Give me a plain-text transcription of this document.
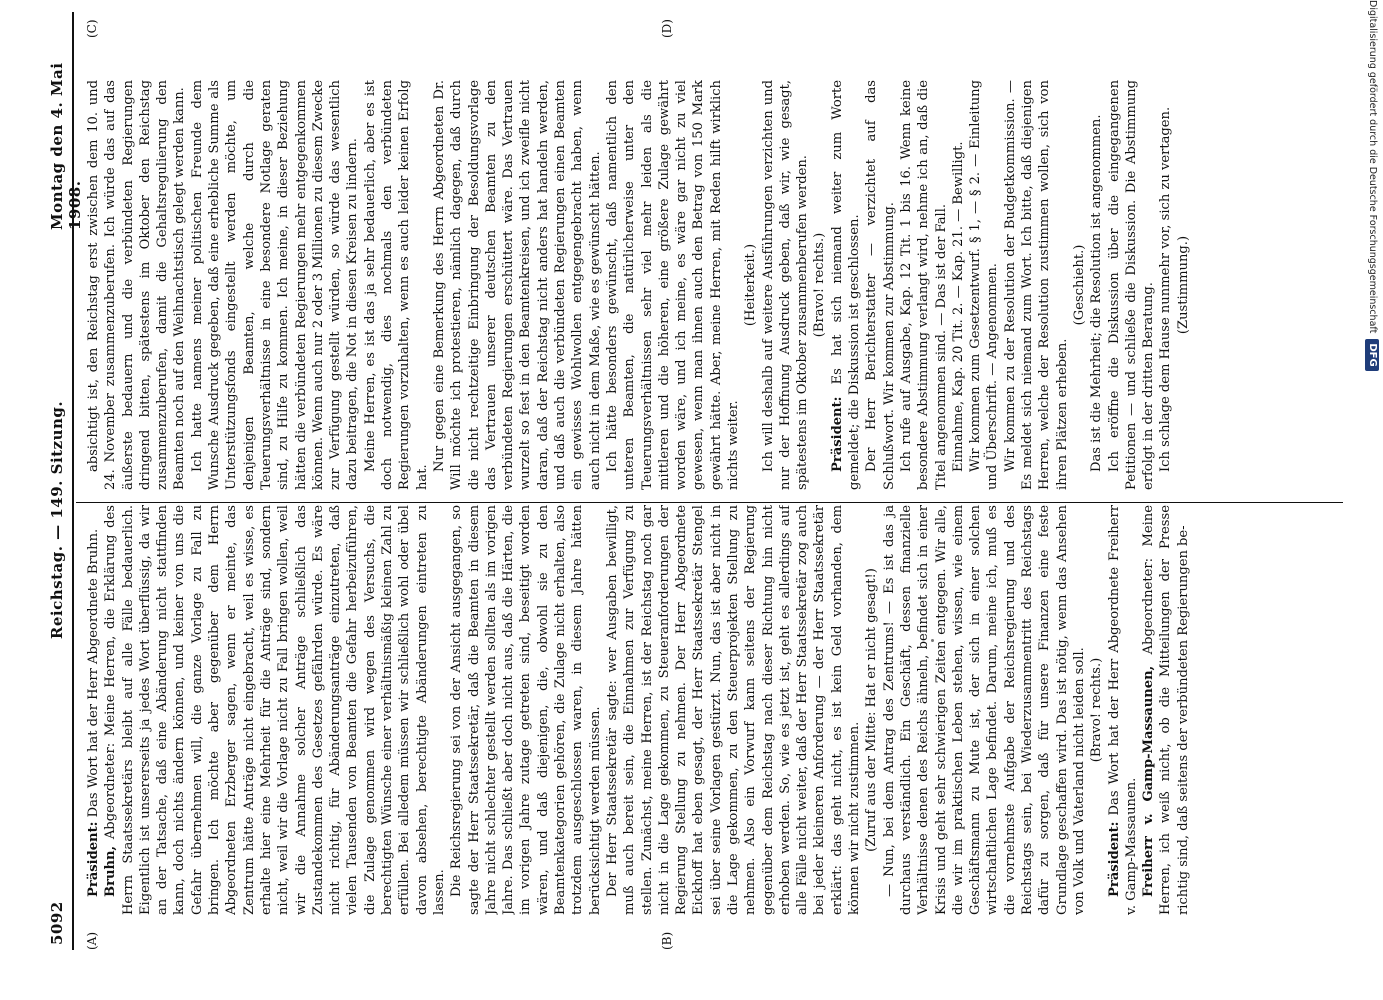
5092
Reichstag. — 149. Sitzung.
Montag den 4. Mai 1908.
(A)	(B)
(C)	(D)

Präsident: Das Wort hat der Herr Abgeordnete Bruhn.

Bruhn, Abgeordneter: Meine Herren, die Erklärung des Herrn Staatssekretärs bleibt auf alle Fälle bedauerlich. Eigentlich ist unsererseits ja jedes Wort überflüssig, da wir an der Tatsache, daß eine Abänderung nicht stattfinden kann, doch nichts ändern können, und keiner von uns die Gefahr übernehmen will, die ganze Vorlage zu Fall zu bringen. Ich möchte aber gegenüber dem Herrn Abgeordneten Erzberger sagen, wenn er meinte, das Zentrum hätte Anträge nicht eingebracht, weil es wisse, es erhalte hier eine Mehrheit für die Anträge sind, sondern nicht, weil wir die Vorlage nicht zu Fall bringen wollen, weil wir die Annahme solcher Anträge schließlich das Zustandekommen des Gesetzes gefährden würde. Es wäre nicht richtig, für Abänderungsanträge einzutreten, daß vielen Tausenden von Beamten die Gefahr herbeizuführen, die Zulage genommen wird wegen des Versuchs, die berechtigten Wünsche einer verhältnismäßig kleinen Zahl zu erfüllen. Bei alledem müssen wir schließlich wohl oder übel davon absehen, berechtigte Abänderungen eintreten zu lassen. Die Reichsregierung sei von der Ansicht ausgegangen, so sagte der Herr Staatssekretär, daß die Beamten in diesem Jahre nicht schlechter gestellt werden sollten als im vorigen Jahre. Das schließt aber doch nicht aus, daß die Härten, die im vorigen Jahre zutage getreten sind, beseitigt worden wären, und daß diejenigen, die, obwohl sie zu den Beamtenkategorien gehören, die Zulage nicht erhalten, also trotzdem ausgeschlossen waren, in diesem Jahre hätten berücksichtigt werden müssen. Der Herr Staatssekretär sagte: wer Ausgaben bewilligt, muß auch bereit sein, die Einnahmen zur Verfügung zu stellen. Zunächst, meine Herren, ist der Reichstag noch gar nicht in die Lage gekommen, zu Steueranforderungen der Regierung Stellung zu nehmen. Der Herr Abgeordnete Eickhoff hat eben gesagt, der Herr Staatssekretär Stengel sei über seine Vorlagen gestürzt. Nun, das ist aber nicht in die Lage gekommen, zu den Steuerprojekten Stellung zu nehmen. Also ein Vorwurf kann seitens der Regierung gegenüber dem Reichstag nach dieser Richtung hin nicht erhoben werden. So, wie es jetzt ist, geht es allerdings auf alle Fälle nicht weiter, daß der Herr Staatssekretär zog auch bei jeder kleineren Anforderung — der Herr Staatssekretär erklärt: das geht nicht, es ist kein Geld vorhanden, dem können wir nicht zustimmen. (Zuruf aus der Mitte: Hat er nicht gesagt!) — Nun, bei dem Antrag des Zentrums! — Es ist das ja durchaus verständlich. Ein Geschäft, dessen finanzielle Verhältnisse denen des Reichs ähneln, befindet sich in einer Krisis und geht sehr schwierigen Zeiten entgegen. Wir alle, die wir im praktischen Leben stehen, wissen, wie einem Geschäftsmann zu Mute ist, der sich in einer solchen wirtschaftlichen Lage befindet. Darum, meine ich, muß es die vornehmste Aufgabe der Reichsregierung und des Reichstags sein, bei Wiederzusammentritt des Reichstags dafür zu sorgen, daß für unsere Finanzen eine feste Grundlage geschaffen wird. Das ist nötig, wenn das Ansehen von Volk und Vaterland nicht leiden soll. (Bravo! rechts.)

Präsident: Das Wort hat der Herr Abgeordnete Freiherr v. Gamp-Massaunen. Freiherr v. Gamp-Massaunen, Abgeordneter: Meine Herren, ich weiß nicht, ob die Mitteilungen der Presse richtig sind, daß seitens der verbündeten Regierungen be-

absichtigt ist, den Reichstag erst zwischen dem 10. und 24. November zusammenzuberufen. Ich würde das auf das äußerste bedauern und die verbündeten Regierungen dringend bitten, spätestens im Oktober den Reichstag zusammenzuberufen, damit die Gehaltsregulierung den Beamten noch auf den Weihnachtstisch gelegt werden kann. Ich hatte namens meiner politischen Freunde dem Wunsche Ausdruck gegeben, daß eine erhebliche Summe als Unterstützungsfonds eingestellt werden möchte, um denjenigen Beamten, welche durch die Teuerungsverhältnisse in eine besondere Notlage geraten sind, zu Hilfe zu kommen. Ich meine, in dieser Beziehung hätten die verbündeten Regierungen mehr entgegenkommen können. Wenn auch nur 2 oder 3 Millionen zu diesem Zwecke zur Verfügung gestellt würden, so würde das wesentlich dazu beitragen, die Not in diesen Kreisen zu lindern. Meine Herren, es ist das ja sehr bedauerlich, aber es ist doch notwendig, dies nochmals den verbündeten Regierungen vorzuhalten, wenn es auch leider keinen Erfolg hat.

Nur gegen eine Bemerkung des Herrn Abgeordneten Dr. Will möchte ich protestieren, nämlich dagegen, daß durch die nicht rechtzeitige Einbringung der Besoldungsvorlage das Vertrauen unserer deutschen Beamten zu den verbündeten Regierungen erschüttert wäre. Das Vertrauen wurzelt so fest in den Beamtenkreisen, und ich zweifle nicht daran, daß der Reichstag nicht anders hat handeln werden, und daß auch die verbündeten Regierungen einen Beamten ein gewisses Wohlwollen entgegengebracht haben, wenn auch nicht in dem Maße, wie es gewünscht hätten. Ich hätte besonders gewünscht, daß namentlich den unteren Beamten, die natürlicherweise unter den Teuerungsverhältnissen sehr viel mehr leiden als die mittleren und die höheren, eine größere Zulage gewährt worden wäre, und ich meine, es wäre gar nicht zu viel gewesen, wenn man ihnen auch den Betrag von 150 Mark gewährt hätte. Aber, meine Herren, mit Reden hilft wirklich nichts weiter.

(Heiterkeit.) Ich will deshalb auf weitere Ausführungen verzichten und nur der Hoffnung Ausdruck geben, daß wir, wie gesagt, spätestens im Oktober zusammenberufen werden. (Bravo! rechts.)

Präsident: Es hat sich niemand weiter zum Worte gemeldet; die Diskussion ist geschlossen. Der Herr Berichterstatter — verzichtet auf das Schlußwort. Wir kommen zur Abstimmung. Ich rufe auf Ausgabe, Kap. 12 Tit. 1 bis 16. Wenn keine besondere Abstimmung verlangt wird, nehme ich an, daß die Titel angenommen sind. — Das ist der Fall. Einnahme, Kap. 20 Tit. 2. — Kap. 21. — Bewilligt. Wir kommen zum Gesetzentwurf. § 1, — § 2. — Einleitung und Überschrift. — Angenommen. Wir kommen zu der Resolution der Budgetkommission. — Es meldet sich niemand zum Wort. Ich bitte, daß diejenigen Herren, welche der Resolution zustimmen wollen, sich von ihren Plätzen erheben.

(Geschieht.) Das ist die Mehrheit; die Resolution ist angenommen. Ich eröffne die Diskussion über die eingegangenen Petitionen — und schließe die Diskussion. Die Abstimmung erfolgt in der dritten Beratung. Ich schlage dem Hause nunmehr vor, sich zu vertagen. (Zustimmung.)	Digitalisierung gefördert durch die Deutsche ForschungsgemeinschaftDFG
